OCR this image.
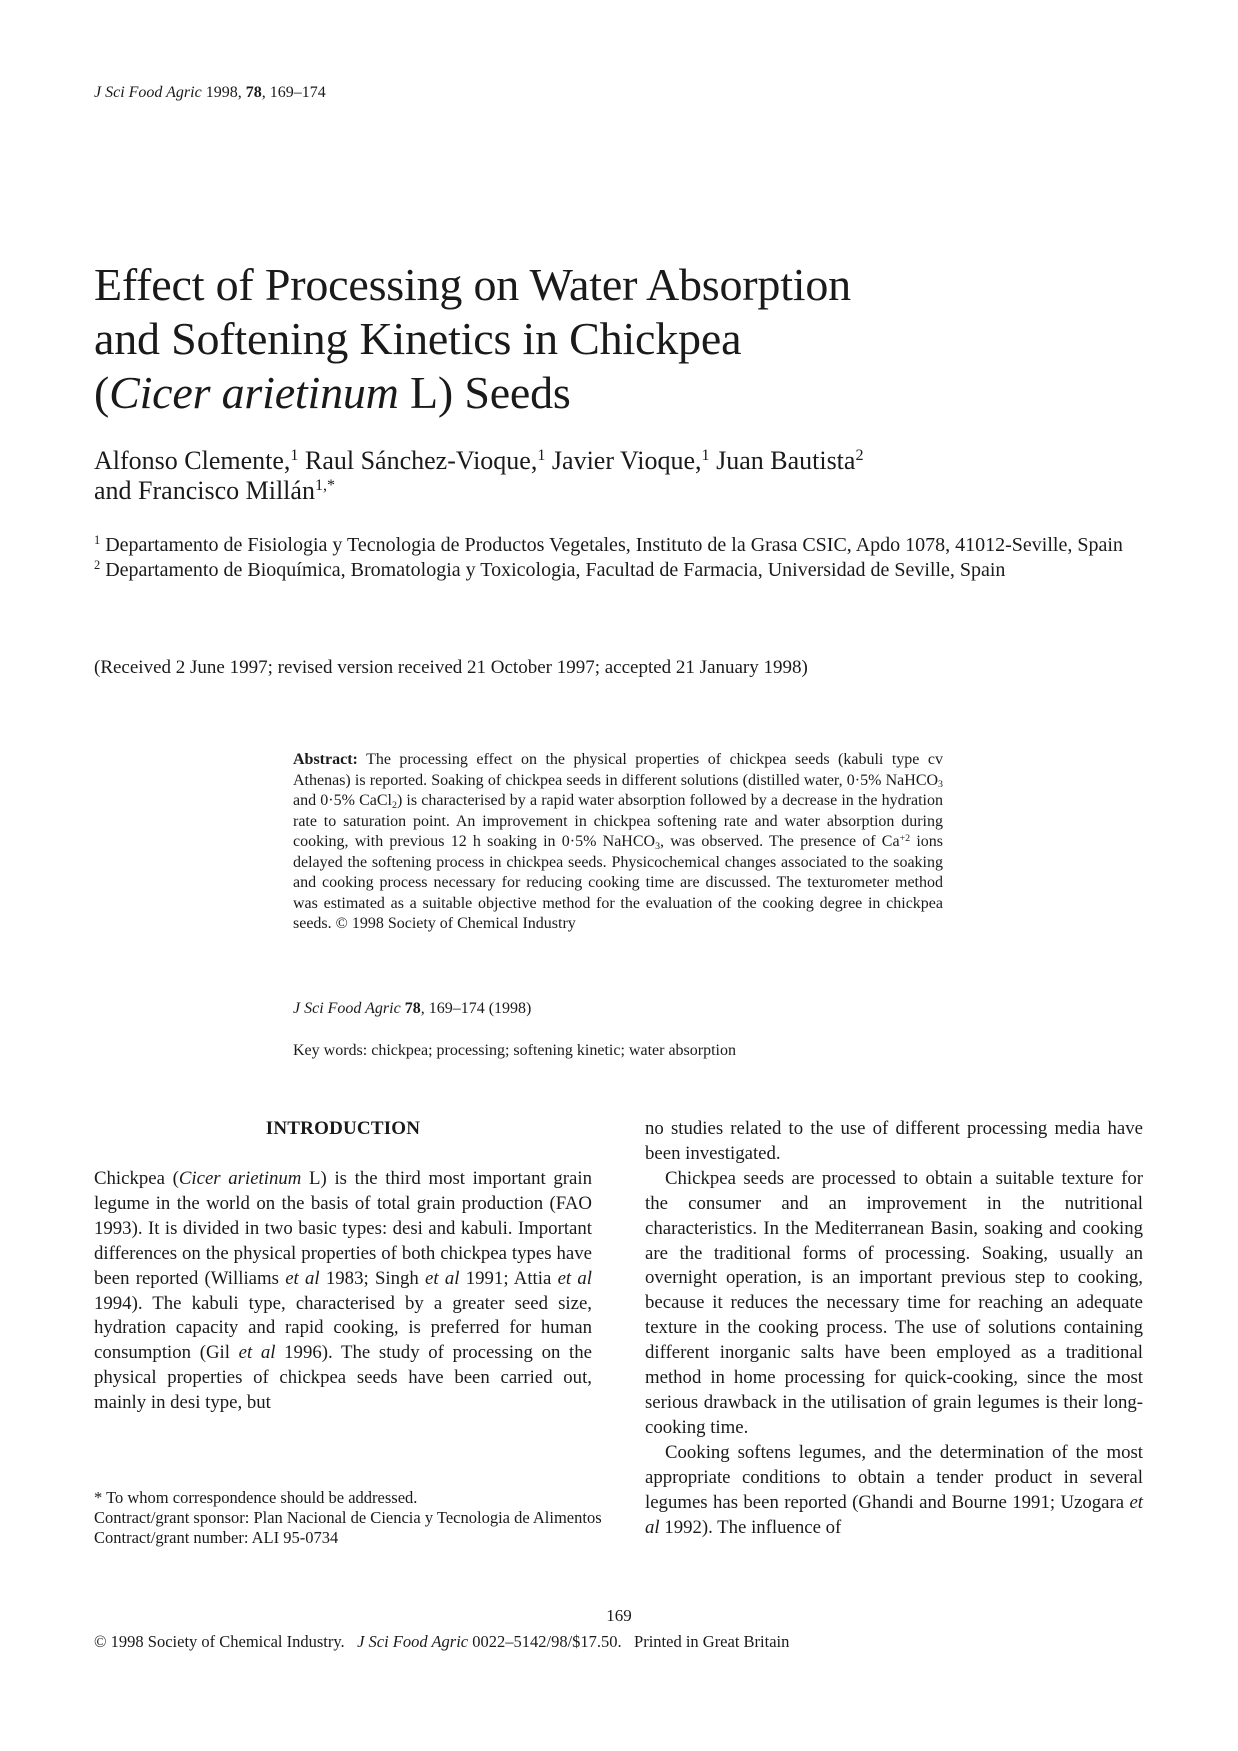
J Sci Food Agric 1998, 78, 169–174
Effect of Processing on Water Absorption
and Softening Kinetics in Chickpea
(Cicer arietinum L) Seeds
Alfonso Clemente,$^1$ Raul Sánchez-Vioque,$^1$ Javier Vioque,$^1$ Juan Bautista$^2$
and Francisco Millán$^{1,*}$

$^1$ Departamento de Fisiologia y Tecnologia de Productos Vegetales, Instituto de la Grasa CSIC, Apdo 1078, 41012-Seville, Spain

$^2$ Departamento de Bioquímica, Bromatologia y Toxicologia, Facultad de Farmacia, Universidad de Seville, Spain

(Received 2 June 1997; revised version received 21 October 1997; accepted 21 January 1998)
Abstract: The processing effect on the physical properties of chickpea seeds (kabuli type cv Athenas) is reported. Soaking of chickpea seeds in different solutions (distilled water, 0·5% NaHCO$_3$ and 0·5% CaCl$_2$) is characterised by a rapid water absorption followed by a decrease in the hydration rate to saturation point. An improvement in chickpea softening rate and water absorption during cooking, with previous 12 h soaking in 0·5% NaHCO$_3$, was observed. The presence of $Ca^{+2}$ ions delayed the softening process in chickpea seeds. Physicochemical changes associated to the soaking and cooking process necessary for reducing cooking time are discussed. The texturometer method was estimated as a suitable objective method for the evaluation of the cooking degree in chickpea seeds. © 1998 Society of Chemical Industry
J Sci Food Agric 78, 169–174 (1998)
Key words: chickpea; processing; softening kinetic; water absorption
INTRODUCTION

Chickpea (Cicer arietinum L) is the third most important grain legume in the world on the basis of total grain production (FAO 1993). It is divided in two basic types: desi and kabuli. Important differences on the physical properties of both chickpea types have been reported (Williams et al 1983; Singh et al 1991; Attia et al 1994). The kabuli type, characterised by a greater seed size, hydration capacity and rapid cooking, is preferred for human consumption (Gil et al 1996). The study of processing on the physical properties of chickpea seeds have been carried out, mainly in desi type, but

no studies related to the use of different processing media have been investigated.

Chickpea seeds are processed to obtain a suitable texture for the consumer and an improvement in the nutritional characteristics. In the Mediterranean Basin, soaking and cooking are the traditional forms of processing. Soaking, usually an overnight operation, is an important previous step to cooking, because it reduces the necessary time for reaching an adequate texture in the cooking process. The use of solutions containing different inorganic salts have been employed as a traditional method in home processing for quick-cooking, since the most serious drawback in the utilisation of grain legumes is their long-cooking time.

Cooking softens legumes, and the determination of the most appropriate conditions to obtain a tender product in several legumes has been reported (Ghandi and Bourne 1991; Uzogara et al 1992). The influence of

* To whom correspondence should be addressed.

Contract/grant sponsor: Plan Nacional de Ciencia y Tecnologia de Alimentos

Contract/grant number: ALI 95-0734

169
© 1998 Society of Chemical Industry.   J Sci Food Agric 0022–5142/98/$17.50.   Printed in Great Britain
